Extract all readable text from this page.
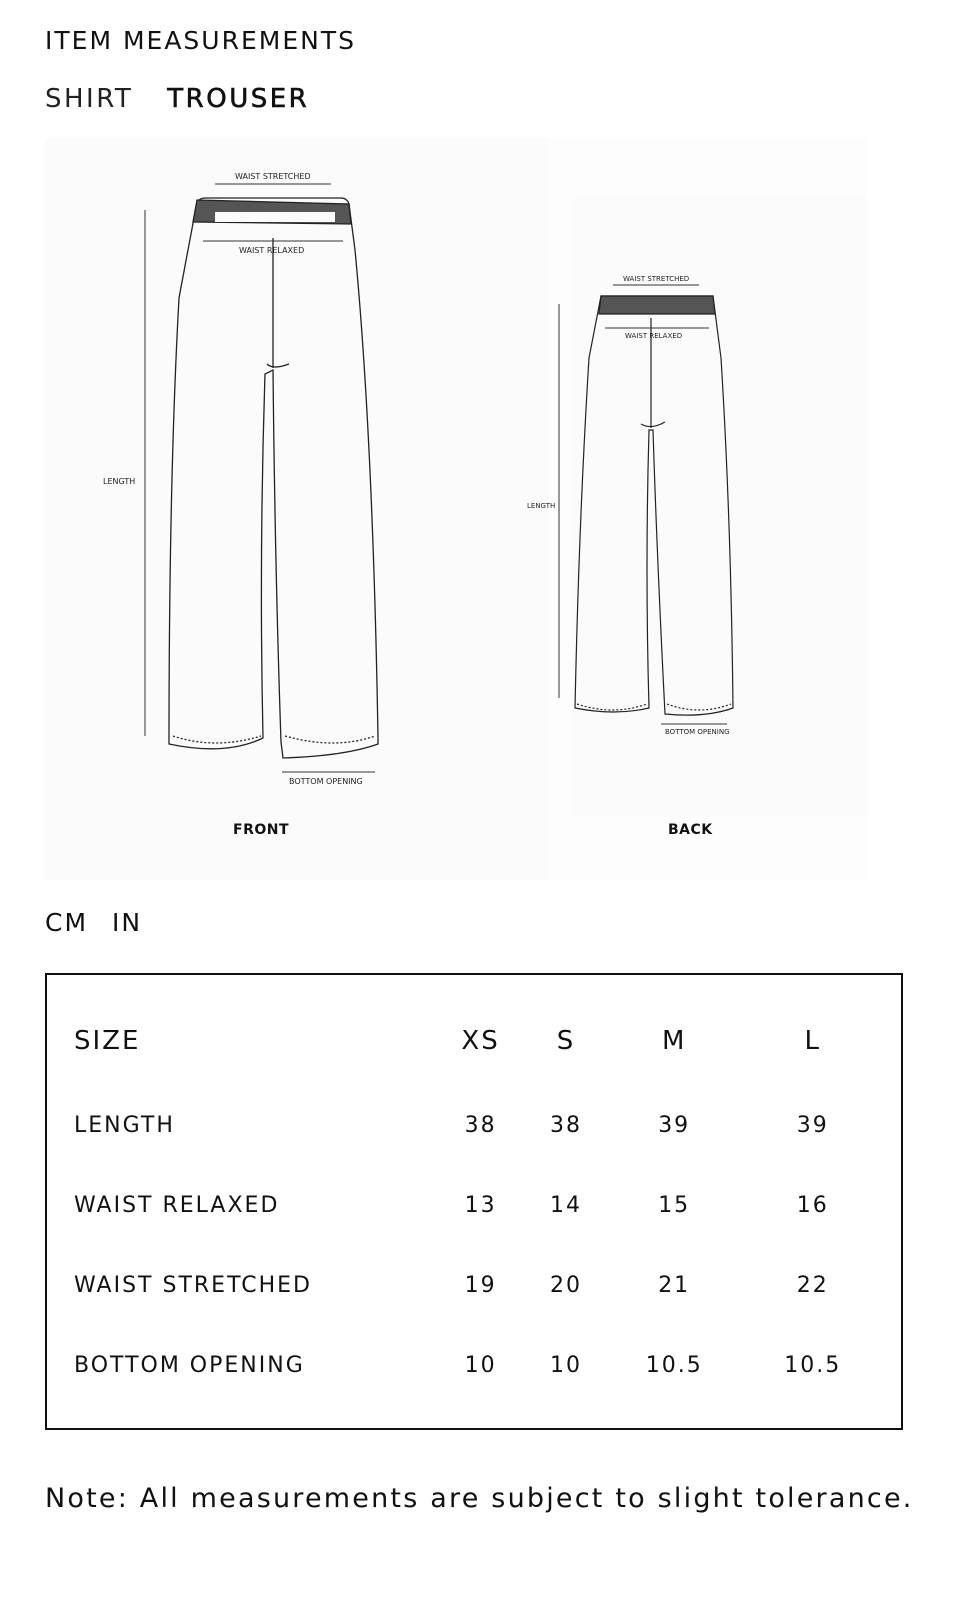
ITEM MEASUREMENTS
SHIRT TROUSER
WAIST STRETCHED
WAIST RELAXED
LENGTH
BOTTOM OPENING
FRONT
WAIST STRETCHED
WAIST RELAXED
LENGTH
BOTTOM OPENING
BACK
CM IN
SIZE	XS	S	M	L
LENGTH	38	38	39	39
WAIST RELAXED	13	14	15	16
WAIST STRETCHED	19	20	21	22
BOTTOM OPENING	10	10	10.5	10.5
Note: All measurements are subject to slight tolerance.
